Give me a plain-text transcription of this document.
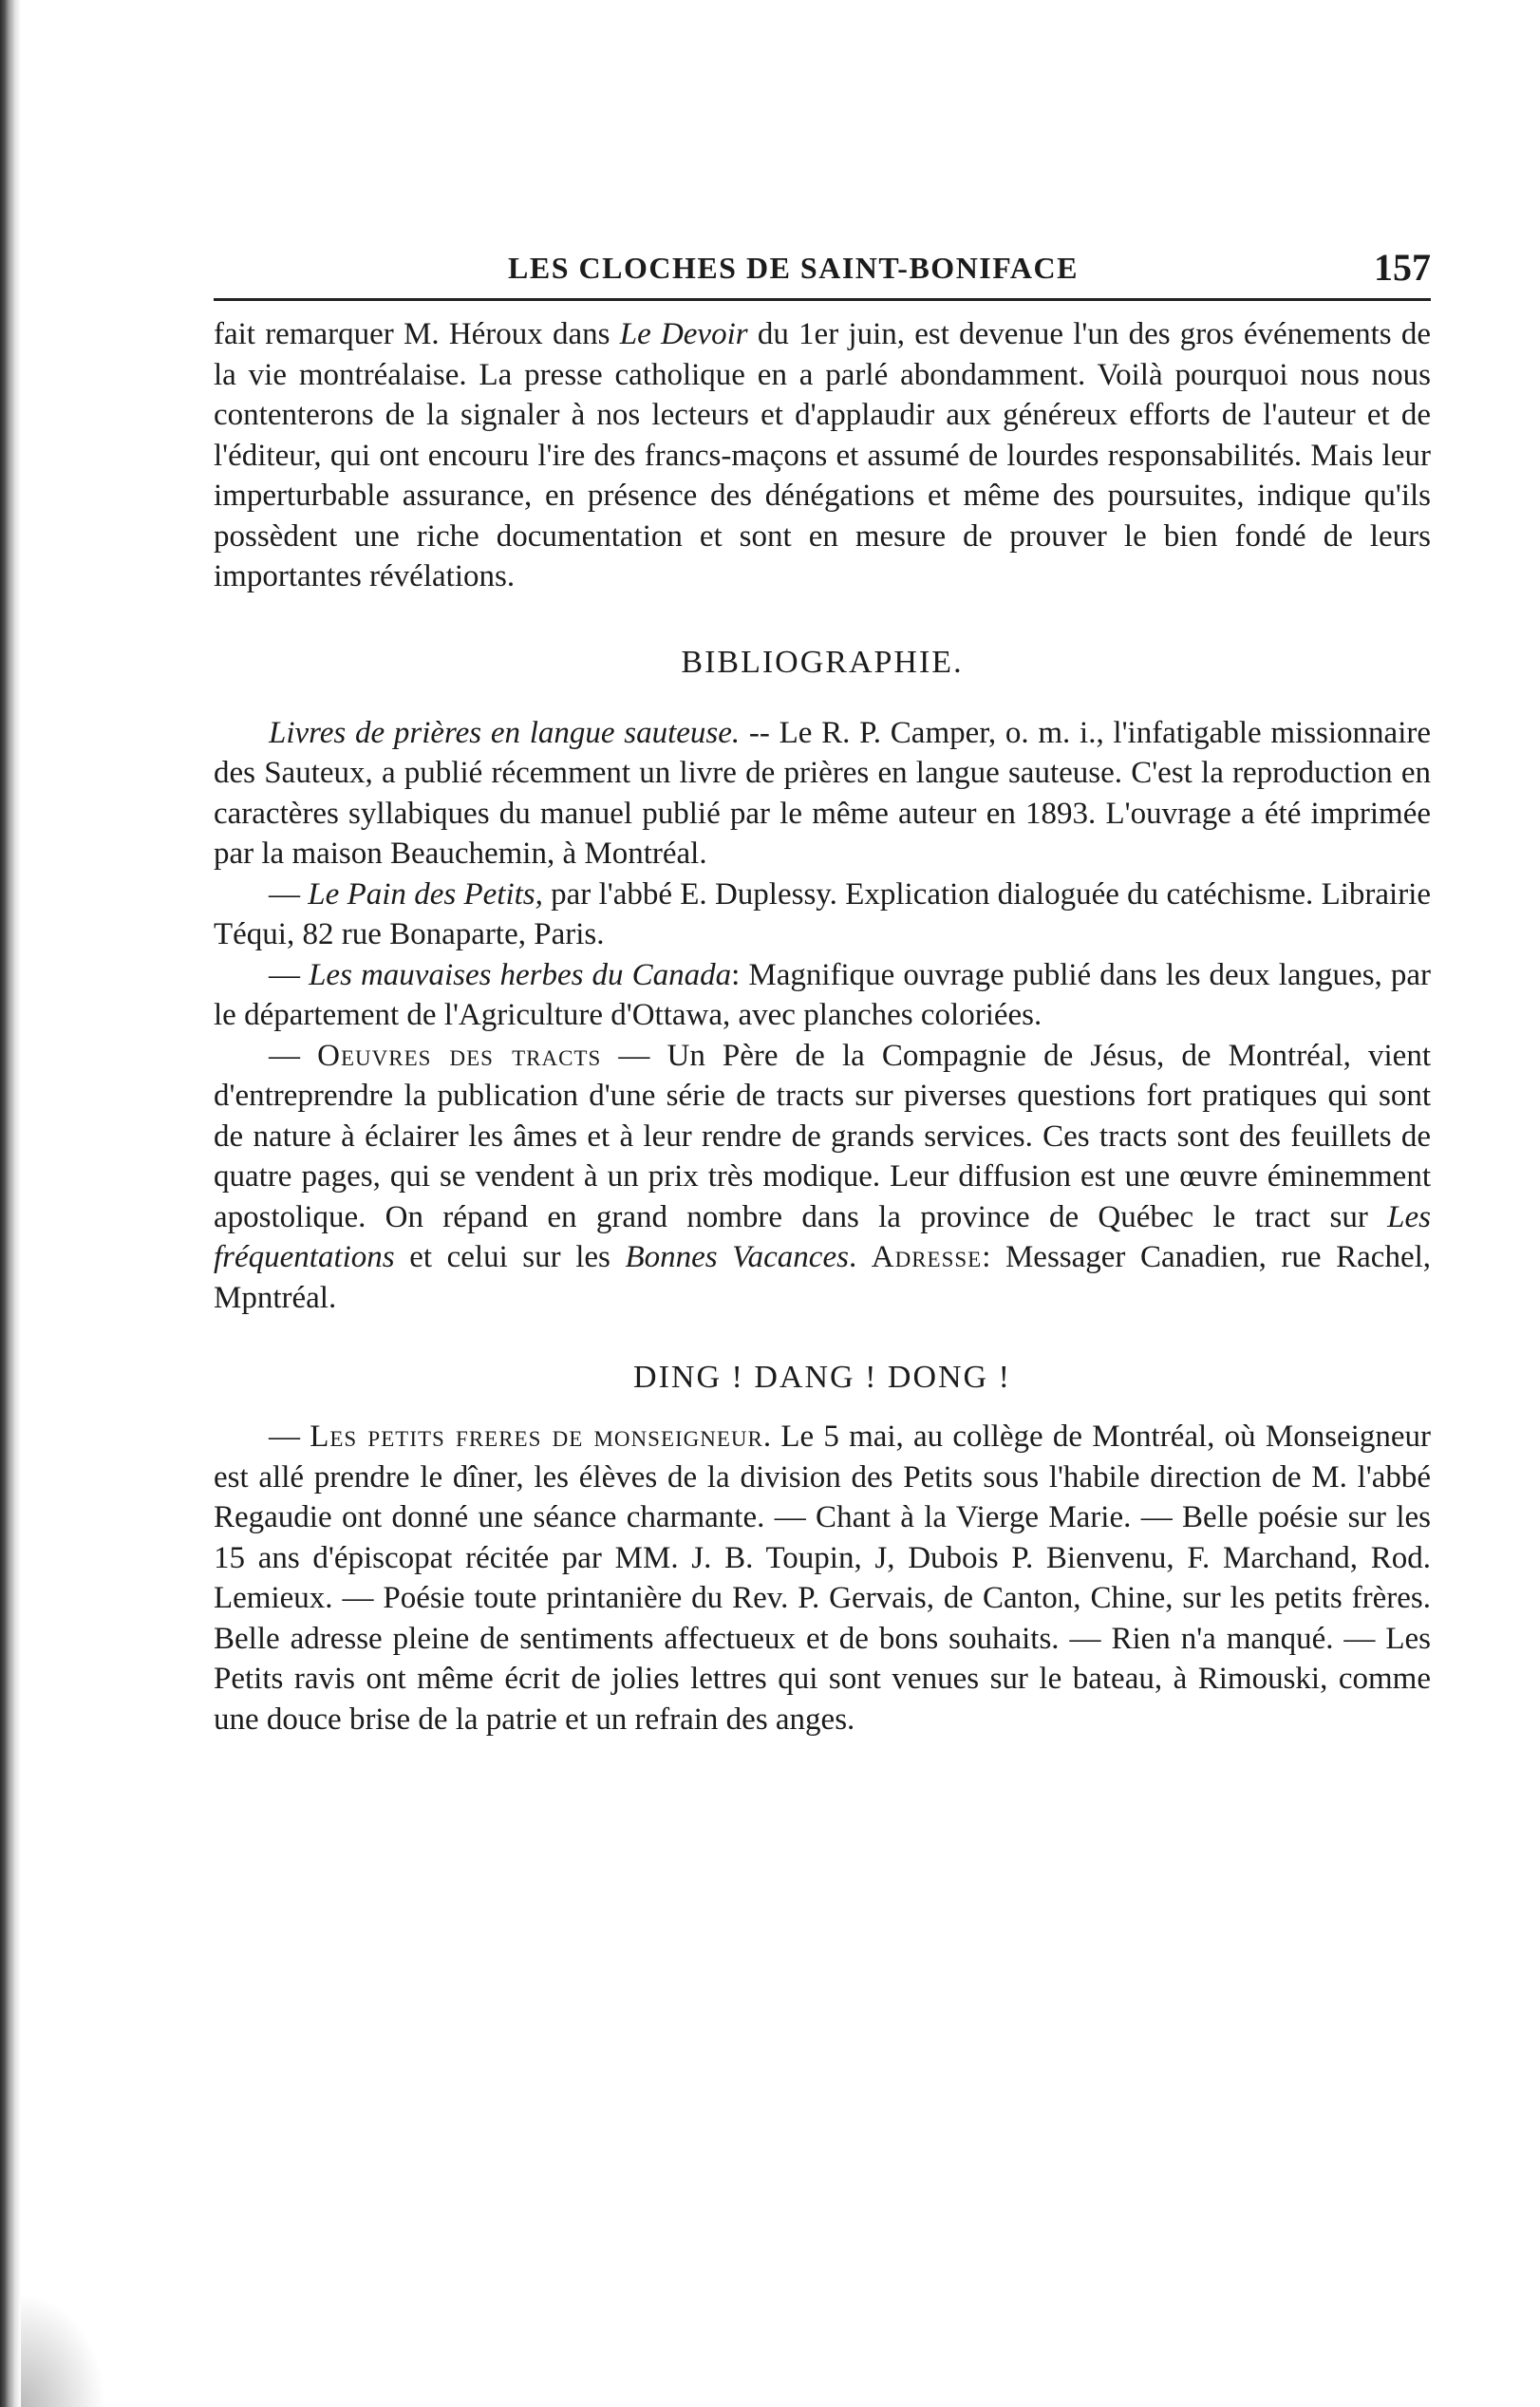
LES CLOCHES DE SAINT-BONIFACE	157

fait remarquer M. Héroux dans Le Devoir du 1er juin, est devenue l'un des gros événements de la vie montréalaise. La presse catholique en a parlé abondamment. Voilà pourquoi nous nous contenterons de la signaler à nos lecteurs et d'applaudir aux généreux efforts de l'auteur et de l'éditeur, qui ont encouru l'ire des francs-maçons et assumé de lourdes responsabilités. Mais leur imperturbable assurance, en présence des dénégations et même des poursuites, indique qu'ils possèdent une riche documentation et sont en mesure de prouver le bien fondé de leurs importantes révélations.

BIBLIOGRAPHIE.

Livres de prières en langue sauteuse. -- Le R. P. Camper, o. m. i., l'infatigable missionnaire des Sauteux, a publié récemment un livre de prières en langue sauteuse. C'est la reproduction en caractères syllabiques du manuel publié par le même auteur en 1893. L'ouvrage a été imprimée par la maison Beauchemin, à Montréal.

— Le Pain des Petits, par l'abbé E. Duplessy. Explication dialoguée du catéchisme. Librairie Téqui, 82 rue Bonaparte, Paris.

— Les mauvaises herbes du Canada: Magnifique ouvrage publié dans les deux langues, par le département de l'Agriculture d'Ottawa, avec planches coloriées.

— Oeuvres des tracts — Un Père de la Compagnie de Jésus, de Montréal, vient d'entreprendre la publication d'une série de tracts sur piverses questions fort pratiques qui sont de nature à éclairer les âmes et à leur rendre de grands services. Ces tracts sont des feuillets de quatre pages, qui se vendent à un prix très modique. Leur diffusion est une œuvre éminemment apostolique. On répand en grand nombre dans la province de Québec le tract sur Les fréquentations et celui sur les Bonnes Vacances. Adresse: Messager Canadien, rue Rachel, Mpntréal.

DING ! DANG ! DONG !

— Les petits freres de monseigneur. Le 5 mai, au collège de Montréal, où Monseigneur est allé prendre le dîner, les élèves de la division des Petits sous l'habile direction de M. l'abbé Regaudie ont donné une séance charmante. — Chant à la Vierge Marie. — Belle poésie sur les 15 ans d'épiscopat récitée par MM. J. B. Toupin, J, Dubois P. Bienvenu, F. Marchand, Rod. Lemieux. — Poésie toute printanière du Rev. P. Gervais, de Canton, Chine, sur les petits frères. Belle adresse pleine de sentiments affectueux et de bons souhaits. — Rien n'a manqué. — Les Petits ravis ont même écrit de jolies lettres qui sont venues sur le bateau, à Rimouski, comme une douce brise de la patrie et un refrain des anges.
